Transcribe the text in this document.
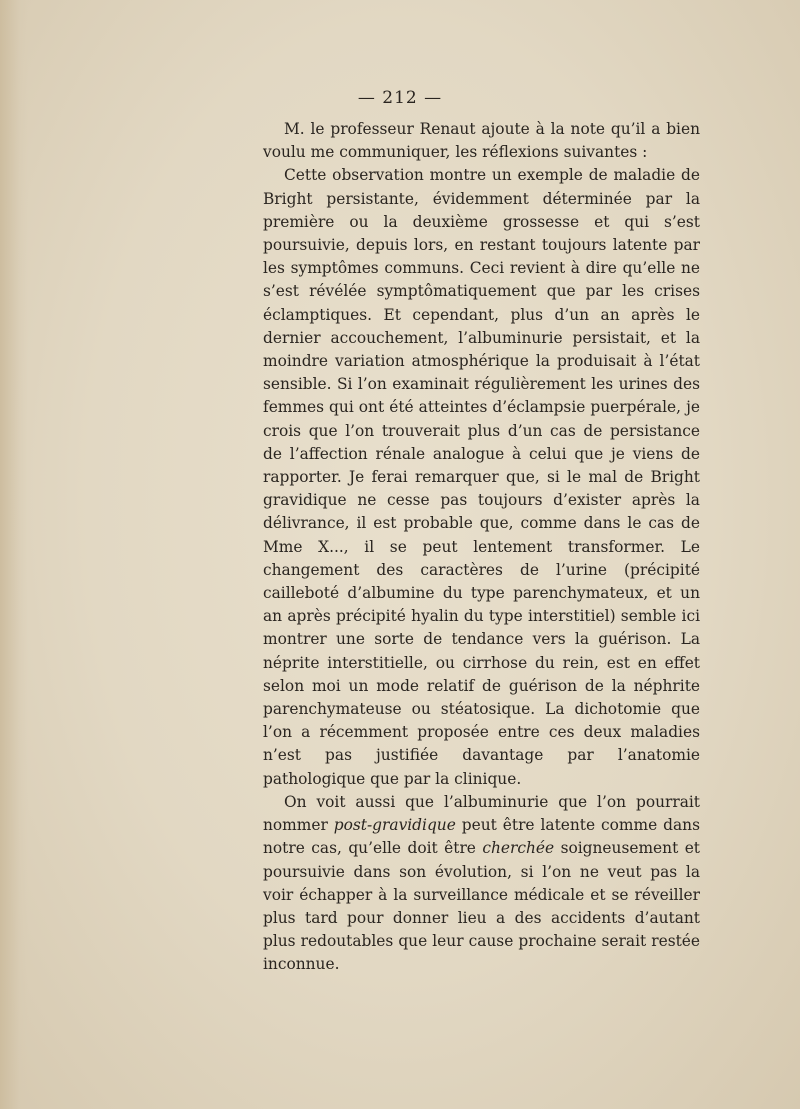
— 212 —

M. le professeur Renaut ajoute à la note qu’il a bien voulu me communiquer, les réflexions suivantes :

Cette observation montre un exemple de maladie de Bright persistante, évidemment déterminée par la première ou la deuxième grossesse et qui s’est poursuivie, depuis lors, en restant toujours latente par les symptômes communs. Ceci revient à dire qu’elle ne s’est révélée symptômatiquement que par les crises éclamptiques. Et cependant, plus d’un an après le dernier accouchement, l’albuminurie persistait, et la moindre variation atmosphérique la produisait à l’état sensible. Si l’on examinait régulièrement les urines des femmes qui ont été atteintes d’éclampsie puerpérale, je crois que l’on trouverait plus d’un cas de persistance de l’affection rénale analogue à celui que je viens de rapporter. Je ferai remarquer que, si le mal de Bright gravidique ne cesse pas toujours d’exister après la délivrance, il est probable que, comme dans le cas de Mme X..., il se peut lentement transformer. Le changement des caractères de l’urine (précipité caillebоté d’albumine du type parenchymateux, et un an après précipité hyalin du type interstitiel) semble ici montrer une sorte de tendance vers la guérison. La néprite interstitielle, ou cirrhose du rein, est en effet selon moi un mode relatif de guérison de la néphrite parenchymateuse ou stéatosique. La dichotomie que l’on a récemment proposée entre ces deux maladies n’est pas justifiée davantage par l’anatomie pathologique que par la clinique.

On voit aussi que l’albuminurie que l’on pourrait nommer post-gravidique peut être latente comme dans notre cas, qu’elle doit être cherchée soigneusement et poursuivie dans son évolution, si l’on ne veut pas la voir échapper à la surveillance médicale et se réveiller plus tard pour donner lieu a des accidents d’autant plus redoutables que leur cause prochaine serait restée inconnue.
